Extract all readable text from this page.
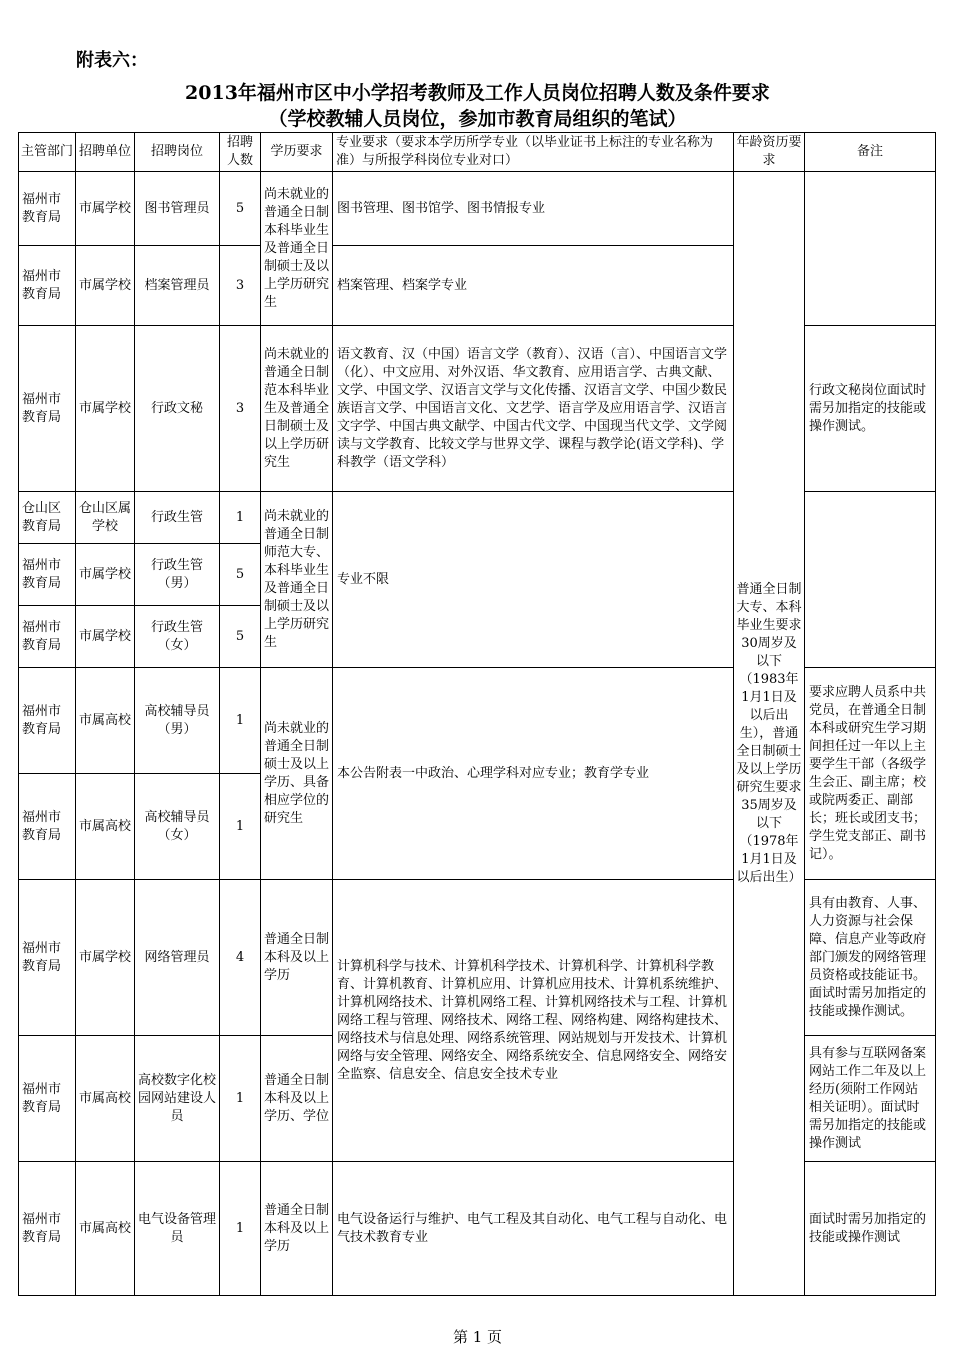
附表六：
2013年福州市区中小学招考教师及工作人员岗位招聘人数及条件要求
（学校教辅人员岗位，参加市教育局组织的笔试）
主管部门	招聘单位	招聘岗位	招聘人数	学历要求	专业要求（要求本学历所学专业（以毕业证书上标注的专业名称为准）与所报学科岗位专业对口）	年龄资历要求	备注
福州市教育局	市属学校	图书管理员	5	尚未就业的普通全日制本科毕业生及普通全日制硕士及以上学历研究生	图书管理、图书馆学、图书情报专业	普通全日制大专、本科毕业生要求30周岁及以下（1983年1月1日及以后出生），普通全日制硕士及以上学历研究生要求35周岁及以下（1978年1月1日及以后出生）	
福州市教育局	市属学校	档案管理员	3		档案管理、档案学专业		
福州市教育局	市属学校	行政文秘	3	尚未就业的普通全日制范本科毕业生及普通全日制硕士及以上学历研究生	语文教育、汉（中国）语言文学（教育）、汉语（言）、中国语言文学（化）、中文应用、对外汉语、华文教育、应用语言学、古典文献、文学、中国文学、汉语言文学与文化传播、汉语言文学、中国少数民族语言文学、中国语言文化、文艺学、语言学及应用语言学、汉语言文字学、中国古典文献学、中国古代文学、中国现当代文学、文学阅读与文学教育、比较文学与世界文学、课程与教学论(语文学科)、学科教学（语文学科）		行政文秘岗位面试时需另加指定的技能或操作测试。
仓山区教育局	仓山区属学校	行政生管	1	尚未就业的普通全日制师范大专、本科毕业生及普通全日制硕士及以上学历研究生	专业不限		
福州市教育局	市属学校	行政生管（男）	5				
福州市教育局	市属学校	行政生管（女）	5				
福州市教育局	市属高校	高校辅导员（男）	1	尚未就业的普通全日制硕士及以上学历、具备相应学位的研究生	本公告附表一中政治、心理学科对应专业；教育学专业		要求应聘人员系中共党员，在普通全日制本科或研究生学习期间担任过一年以上主要学生干部（各级学生会正、副主席；校或院两委正、副部长；班长或团支书；学生党支部正、副书记）。
福州市教育局	市属高校	高校辅导员（女）	1				
福州市教育局	市属学校	网络管理员	4	普通全日制本科及以上学历	计算机科学与技术、计算机科学技术、计算机科学、计算机科学教育、计算机教育、计算机应用、计算机应用技术、计算机系统维护、计算机网络技术、计算机网络工程、计算机网络技术与工程、计算机网络工程与管理、网络技术、网络工程、网络构建、网络构建技术、网络技术与信息处理、网络系统管理、网站规划与开发技术、计算机网络与安全管理、网络安全、网络系统安全、信息网络安全、网络安全监察、信息安全、信息安全技术专业		具有由教育、人事、人力资源与社会保障、信息产业等政府部门颁发的网络管理员资格或技能证书。面试时需另加指定的技能或操作测试。
福州市教育局	市属高校	高校数字化校园网站建设人员	1	普通全日制本科及以上学历、学位			具有参与互联网备案网站工作二年及以上经历(须附工作网站相关证明）。面试时需另加指定的技能或操作测试
福州市教育局	市属高校	电气设备管理员	1	普通全日制本科及以上学历	电气设备运行与维护、电气工程及其自动化、电气工程与自动化、电气技术教育专业		面试时需另加指定的技能或操作测试
第 1 页
